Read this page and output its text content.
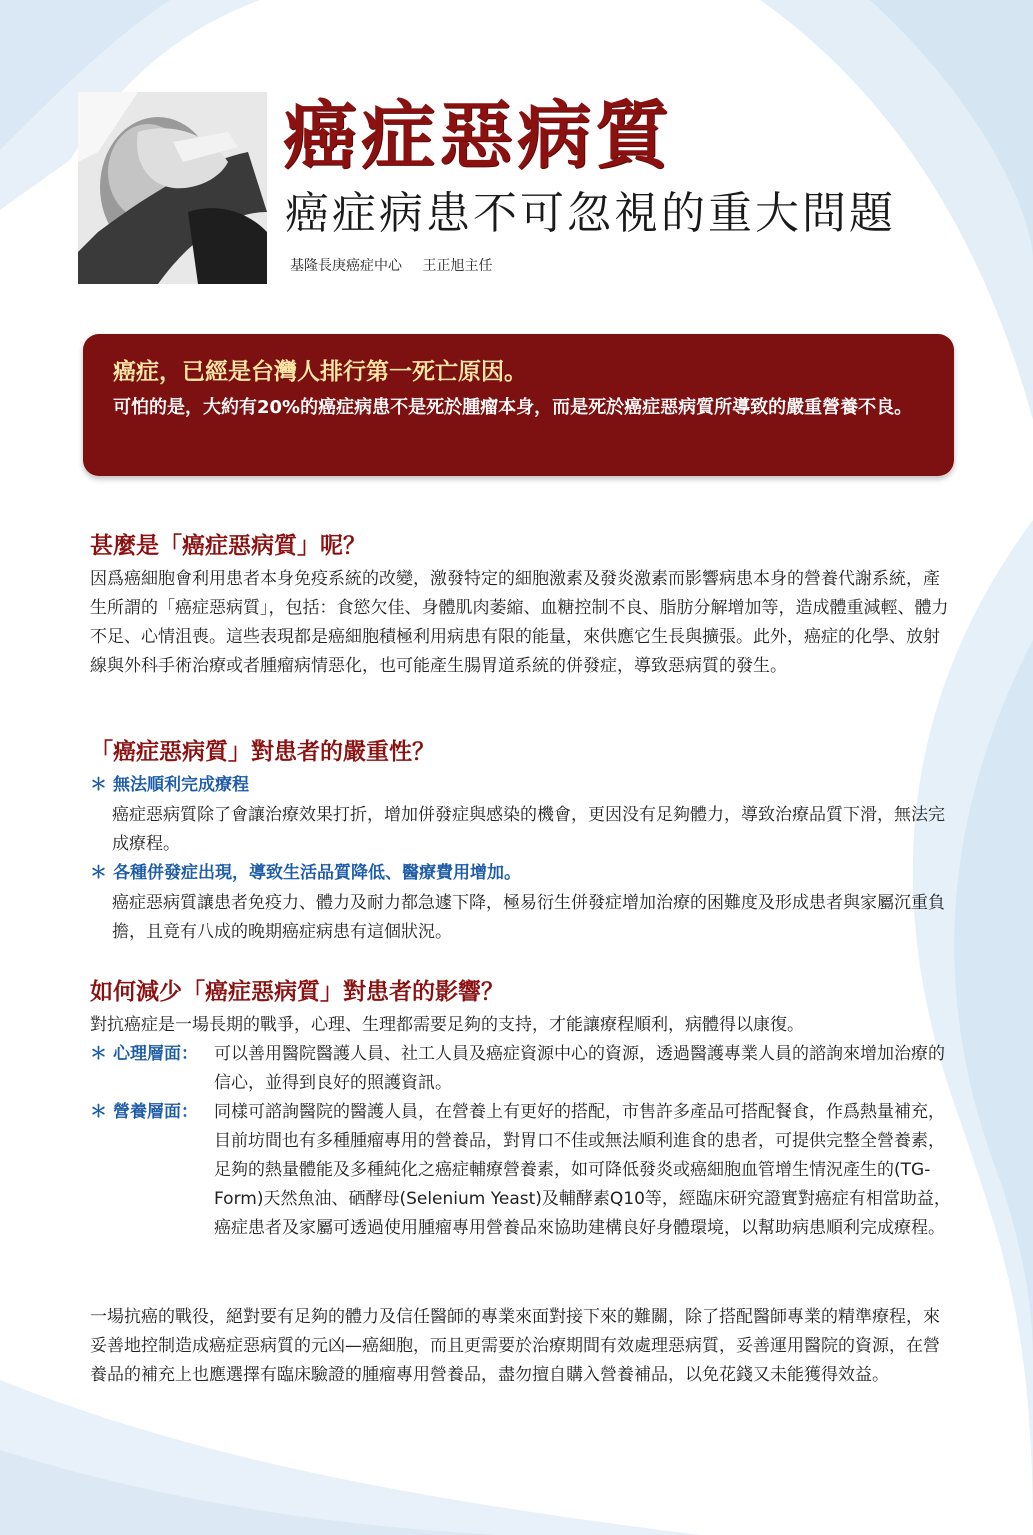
癌症惡病質
癌症病患不可忽視的重大問題
基隆長庚癌症中心 王正旭主任
癌症，已經是台灣人排行第一死亡原因。
可怕的是，大約有20%的癌症病患不是死於腫瘤本身，而是死於癌症惡病質所導致的嚴重營養不良。
甚麼是「癌症惡病質」呢？

因爲癌細胞會利用患者本身免疫系統的改變，激發特定的細胞激素及發炎激素而影響病患本身的營養代謝系統，產生所謂的「癌症惡病質」，包括：食慾欠佳、身體肌肉萎縮、血糖控制不良、脂肪分解增加等，造成體重減輕、體力不足、心情沮喪。這些表現都是癌細胞積極利用病患有限的能量，來供應它生長與擴張。此外，癌症的化學、放射線與外科手術治療或者腫瘤病情惡化，也可能產生腸胃道系統的併發症，導致惡病質的發生。

「癌症惡病質」對患者的嚴重性？
＊ 無法順利完成療程
癌症惡病質除了會讓治療效果打折，增加併發症與感染的機會，更因没有足夠體力，導致治療品質下滑，無法完成療程。
＊ 各種併發症出現，導致生活品質降低、醫療費用增加。
癌症惡病質讓患者免疫力、體力及耐力都急遽下降，極易衍生併發症增加治療的困難度及形成患者與家屬沉重負擔，且竟有八成的晚期癌症病患有這個狀況。
如何減少「癌症惡病質」對患者的影響？

對抗癌症是一場長期的戰爭，心理、生理都需要足夠的支持，才能讓療程順利，病體得以康復。

＊ 心理層面： 可以善用醫院醫護人員、社工人員及癌症資源中心的資源，透過醫護專業人員的諮詢來增加治療的信心，並得到良好的照護資訊。
＊ 營養層面： 同樣可諮詢醫院的醫護人員，在營養上有更好的搭配，市售許多產品可搭配餐食，作爲熱量補充，目前坊間也有多種腫瘤專用的營養品，對胃口不佳或無法順利進食的患者，可提供完整全營養素，足夠的熱量體能及多種純化之癌症輔療營養素，如可降低發炎或癌細胞血管增生情況產生的(TG-Form)天然魚油、硒酵母(Selenium Yeast)及輔酵素Q10等，經臨床研究證實對癌症有相當助益，癌症患者及家屬可透過使用腫瘤專用營養品來協助建構良好身體環境，以幫助病患順利完成療程。

一場抗癌的戰役，絕對要有足夠的體力及信任醫師的專業來面對接下來的難關，除了搭配醫師專業的精準療程，來妥善地控制造成癌症惡病質的元凶—癌細胞，而且更需要於治療期間有效處理惡病質，妥善運用醫院的資源，在營養品的補充上也應選擇有臨床驗證的腫瘤專用營養品，盡勿擅自購入營養補品，以免花錢又未能獲得效益。
